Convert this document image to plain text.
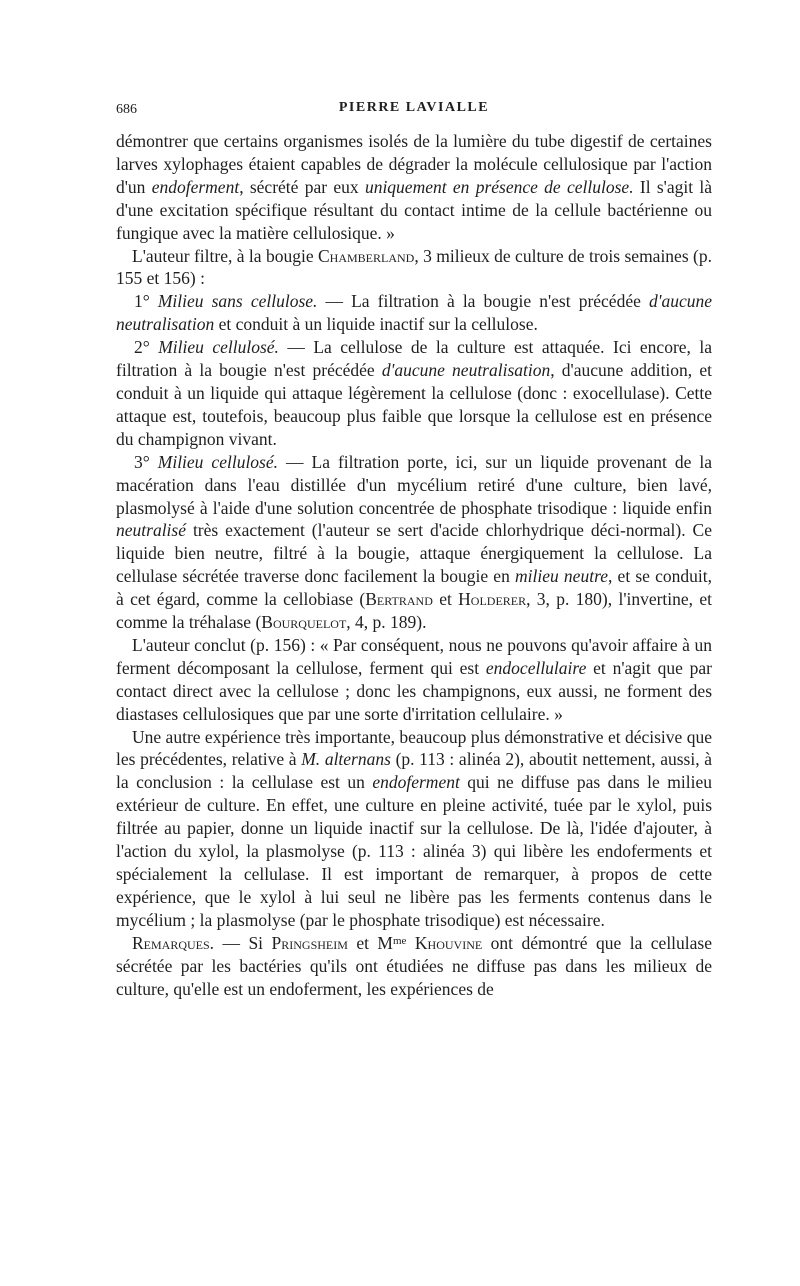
686	PIERRE LAVIALLE

démontrer que certains organismes isolés de la lumière du tube digestif de certaines larves xylophages étaient capables de dégrader la molécule cellulosique par l'action d'un endoferment, sécrété par eux uniquement en présence de cellulose. Il s'agit là d'une excitation spécifique résultant du contact intime de la cellule bactérienne ou fungique avec la matière cellulosique. »

L'auteur filtre, à la bougie Chamberland, 3 milieux de culture de trois semaines (p. 155 et 156) :

1° Milieu sans cellulose. — La filtration à la bougie n'est précédée d'aucune neutralisation et conduit à un liquide inactif sur la cellulose.

2° Milieu cellulosé. — La cellulose de la culture est attaquée. Ici encore, la filtration à la bougie n'est précédée d'aucune neutralisation, d'aucune addition, et conduit à un liquide qui attaque légèrement la cellulose (donc : exocellulase). Cette attaque est, toutefois, beaucoup plus faible que lorsque la cellulose est en présence du champignon vivant.

3° Milieu cellulosé. — La filtration porte, ici, sur un liquide provenant de la macération dans l'eau distillée d'un mycélium retiré d'une culture, bien lavé, plasmolysé à l'aide d'une solution concentrée de phosphate trisodique : liquide enfin neutralisé très exactement (l'auteur se sert d'acide chlorhydrique déci-normal). Ce liquide bien neutre, filtré à la bougie, attaque énergiquement la cellulose. La cellulase sécrétée traverse donc facilement la bougie en milieu neutre, et se conduit, à cet égard, comme la cellobiase (Bertrand et Holderer, 3, p. 180), l'invertine, et comme la tréhalase (Bourquelot, 4, p. 189).

L'auteur conclut (p. 156) : « Par conséquent, nous ne pouvons qu'avoir affaire à un ferment décomposant la cellulose, ferment qui est endocellulaire et n'agit que par contact direct avec la cellulose ; donc les champignons, eux aussi, ne forment des diastases cellulosiques que par une sorte d'irritation cellulaire. »

Une autre expérience très importante, beaucoup plus démonstrative et décisive que les précédentes, relative à M. alternans (p. 113 : alinéa 2), aboutit nettement, aussi, à la conclusion : la cellulase est un endoferment qui ne diffuse pas dans le milieu extérieur de culture. En effet, une culture en pleine activité, tuée par le xylol, puis filtrée au papier, donne un liquide inactif sur la cellulose. De là, l'idée d'ajouter, à l'action du xylol, la plasmolyse (p. 113 : alinéa 3) qui libère les endoferments et spécialement la cellulase. Il est important de remarquer, à propos de cette expérience, que le xylol à lui seul ne libère pas les ferments contenus dans le mycélium ; la plasmolyse (par le phosphate trisodique) est nécessaire.

Remarques. — Si Pringsheim et $M^{me}$ Khouvine ont démontré que la cellulase sécrétée par les bactéries qu'ils ont étudiées ne diffuse pas dans les milieux de culture, qu'elle est un endoferment, les expériences de
